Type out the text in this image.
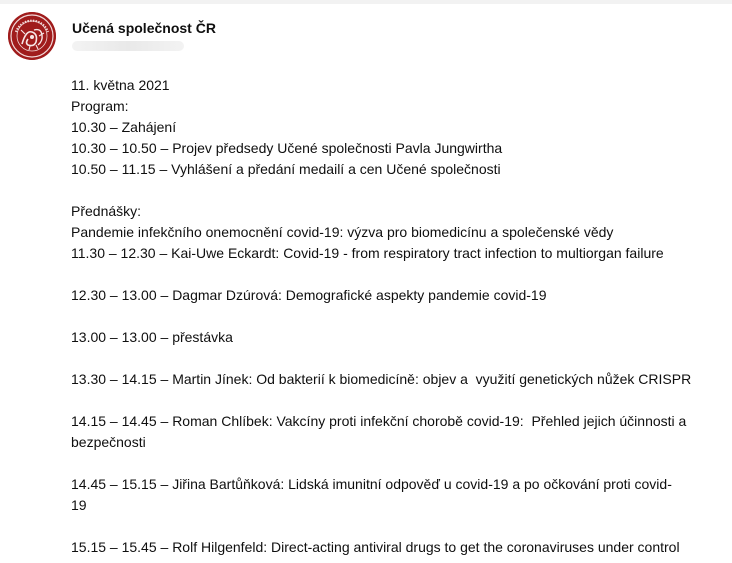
Učená společnost ČR
11. května 2021
Program:
10.30 – Zahájení
10.30 – 10.50 – Projev předsedy Učené společnosti Pavla Jungwirtha
10.50 – 11.15 – Vyhlášení a předání medailí a cen Učené společnosti
Přednášky:
Pandemie infekčního onemocnění covid-19: výzva pro biomedicínu a společenské vědy
11.30 – 12.30 – Kai-Uwe Eckardt: Covid-19 - from respiratory tract infection to multiorgan failure
12.30 – 13.00 – Dagmar Dzúrová: Demografické aspekty pandemie covid-19
13.00 – 13.00 – přestávka
13.30 – 14.15 – Martin Jínek: Od bakterií k biomedicíně: objev a  využití genetických nůžek CRISPR
14.15 – 14.45 – Roman Chlíbek: Vakcíny proti infekční chorobě covid-19:  Přehled jejich účinnosti a
bezpečnosti
14.45 – 15.15 – Jiřina Bartůňková: Lidská imunitní odpověď u covid-19 a po očkování proti covid-
19
15.15 – 15.45 – Rolf Hilgenfeld: Direct-acting antiviral drugs to get the coronaviruses under control
